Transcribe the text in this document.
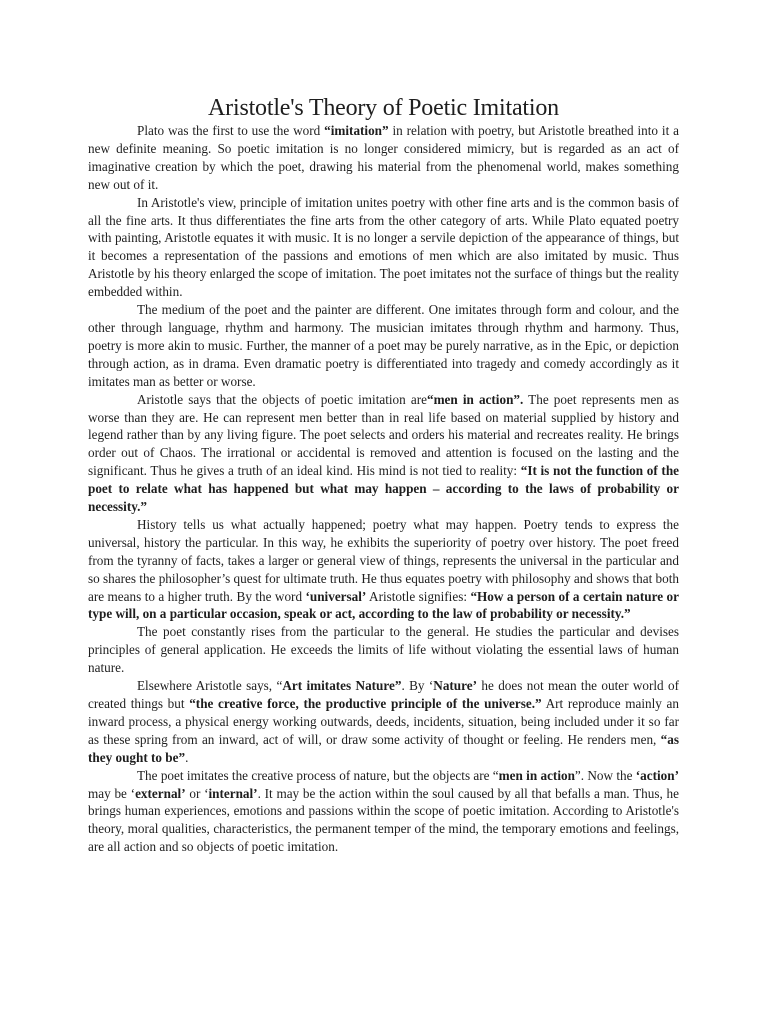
Aristotle's Theory of Poetic Imitation

Plato was the first to use the word “imitation” in relation with poetry, but Aristotle breathed into it a new definite meaning. So poetic imitation is no longer considered mimicry, but is regarded as an act of imaginative creation by which the poet, drawing his material from the phenomenal world, makes something new out of it.

In Aristotle's view, principle of imitation unites poetry with other fine arts and is the common basis of all the fine arts. It thus differentiates the fine arts from the other category of arts. While Plato equated poetry with painting, Aristotle equates it with music. It is no longer a servile depiction of the appearance of things, but it becomes a representation of the passions and emotions of men which are also imitated by music. Thus Aristotle by his theory enlarged the scope of imitation. The poet imitates not the surface of things but the reality embedded within.

The medium of the poet and the painter are different. One imitates through form and colour, and the other through language, rhythm and harmony. The musician imitates through rhythm and harmony. Thus, poetry is more akin to music. Further, the manner of a poet may be purely narrative, as in the Epic, or depiction through action, as in drama. Even dramatic poetry is differentiated into tragedy and comedy accordingly as it imitates man as better or worse.

Aristotle says that the objects of poetic imitation are“men in action”. The poet represents men as worse than they are. He can represent men better than in real life based on material supplied by history and legend rather than by any living figure. The poet selects and orders his material and recreates reality. He brings order out of Chaos. The irrational or accidental is removed and attention is focused on the lasting and the significant. Thus he gives a truth of an ideal kind. His mind is not tied to reality: “It is not the function of the poet to relate what has happened but what may happen – according to the laws of probability or necessity.”

History tells us what actually happened; poetry what may happen. Poetry tends to express the universal, history the particular. In this way, he exhibits the superiority of poetry over history. The poet freed from the tyranny of facts, takes a larger or general view of things, represents the universal in the particular and so shares the philosopher’s quest for ultimate truth. He thus equates poetry with philosophy and shows that both are means to a higher truth. By the word ‘universal’ Aristotle signifies: “How a person of a certain nature or type will, on a particular occasion, speak or act, according to the law of probability or necessity.”

The poet constantly rises from the particular to the general. He studies the particular and devises principles of general application. He exceeds the limits of life without violating the essential laws of human nature.

Elsewhere Aristotle says, “Art imitates Nature”. By ‘Nature’ he does not mean the outer world of created things but “the creative force, the productive principle of the universe.” Art reproduce mainly an inward process, a physical energy working outwards, deeds, incidents, situation, being included under it so far as these spring from an inward, act of will, or draw some activity of thought or feeling. He renders men, “as they ought to be”.

The poet imitates the creative process of nature, but the objects are “men in action”. Now the ‘action’ may be ‘external’ or ‘internal’. It may be the action within the soul caused by all that befalls a man. Thus, he brings human experiences, emotions and passions within the scope of poetic imitation. According to Aristotle's theory, moral qualities, characteristics, the permanent temper of the mind, the temporary emotions and feelings, are all action and so objects of poetic imitation.
